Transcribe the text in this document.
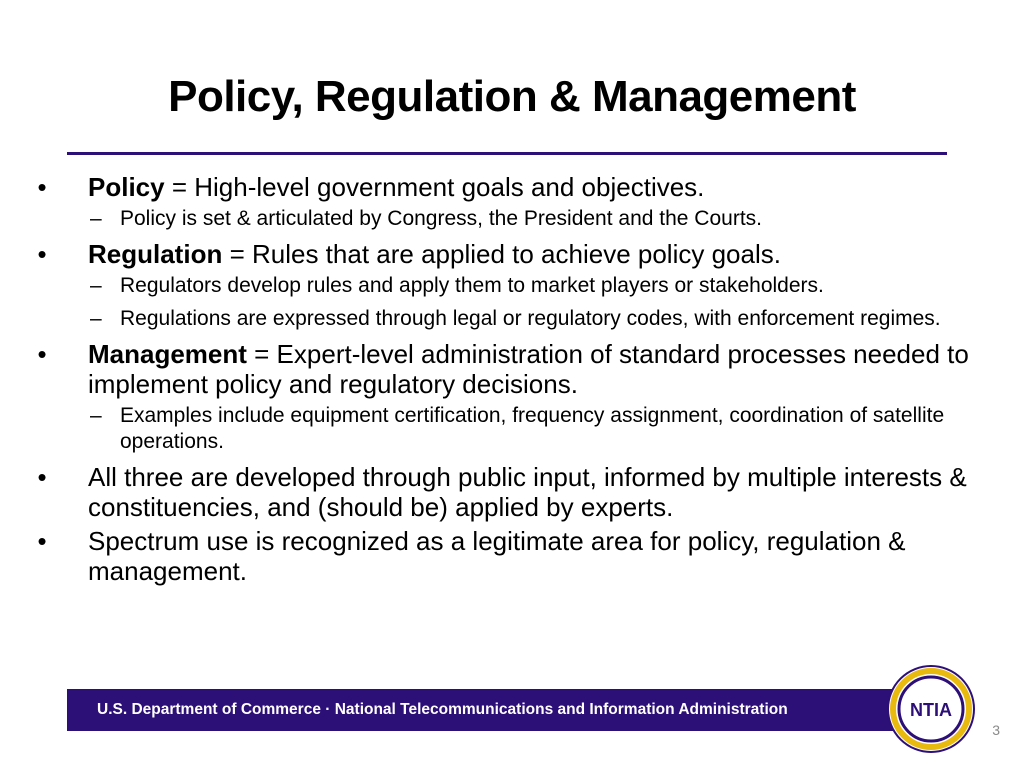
Policy, Regulation & Management
• Policy = High-level government goals and objectives.
– Policy is set & articulated by Congress, the President and the Courts.
• Regulation = Rules that are applied to achieve policy goals.
– Regulators develop rules and apply them to market players or stakeholders.
– Regulations are expressed through legal or regulatory codes, with enforcement regimes.
• Management = Expert-level administration of standard processes needed to implement policy and regulatory decisions.
– Examples include equipment certification, frequency assignment, coordination of satellite operations.
• All three are developed through public input, informed by multiple interests & constituencies, and (should be) applied by experts.
• Spectrum use is recognized as a legitimate area for policy, regulation & management.
U.S. Department of Commerce · National Telecommunications and Information Administration	NTIA
3
